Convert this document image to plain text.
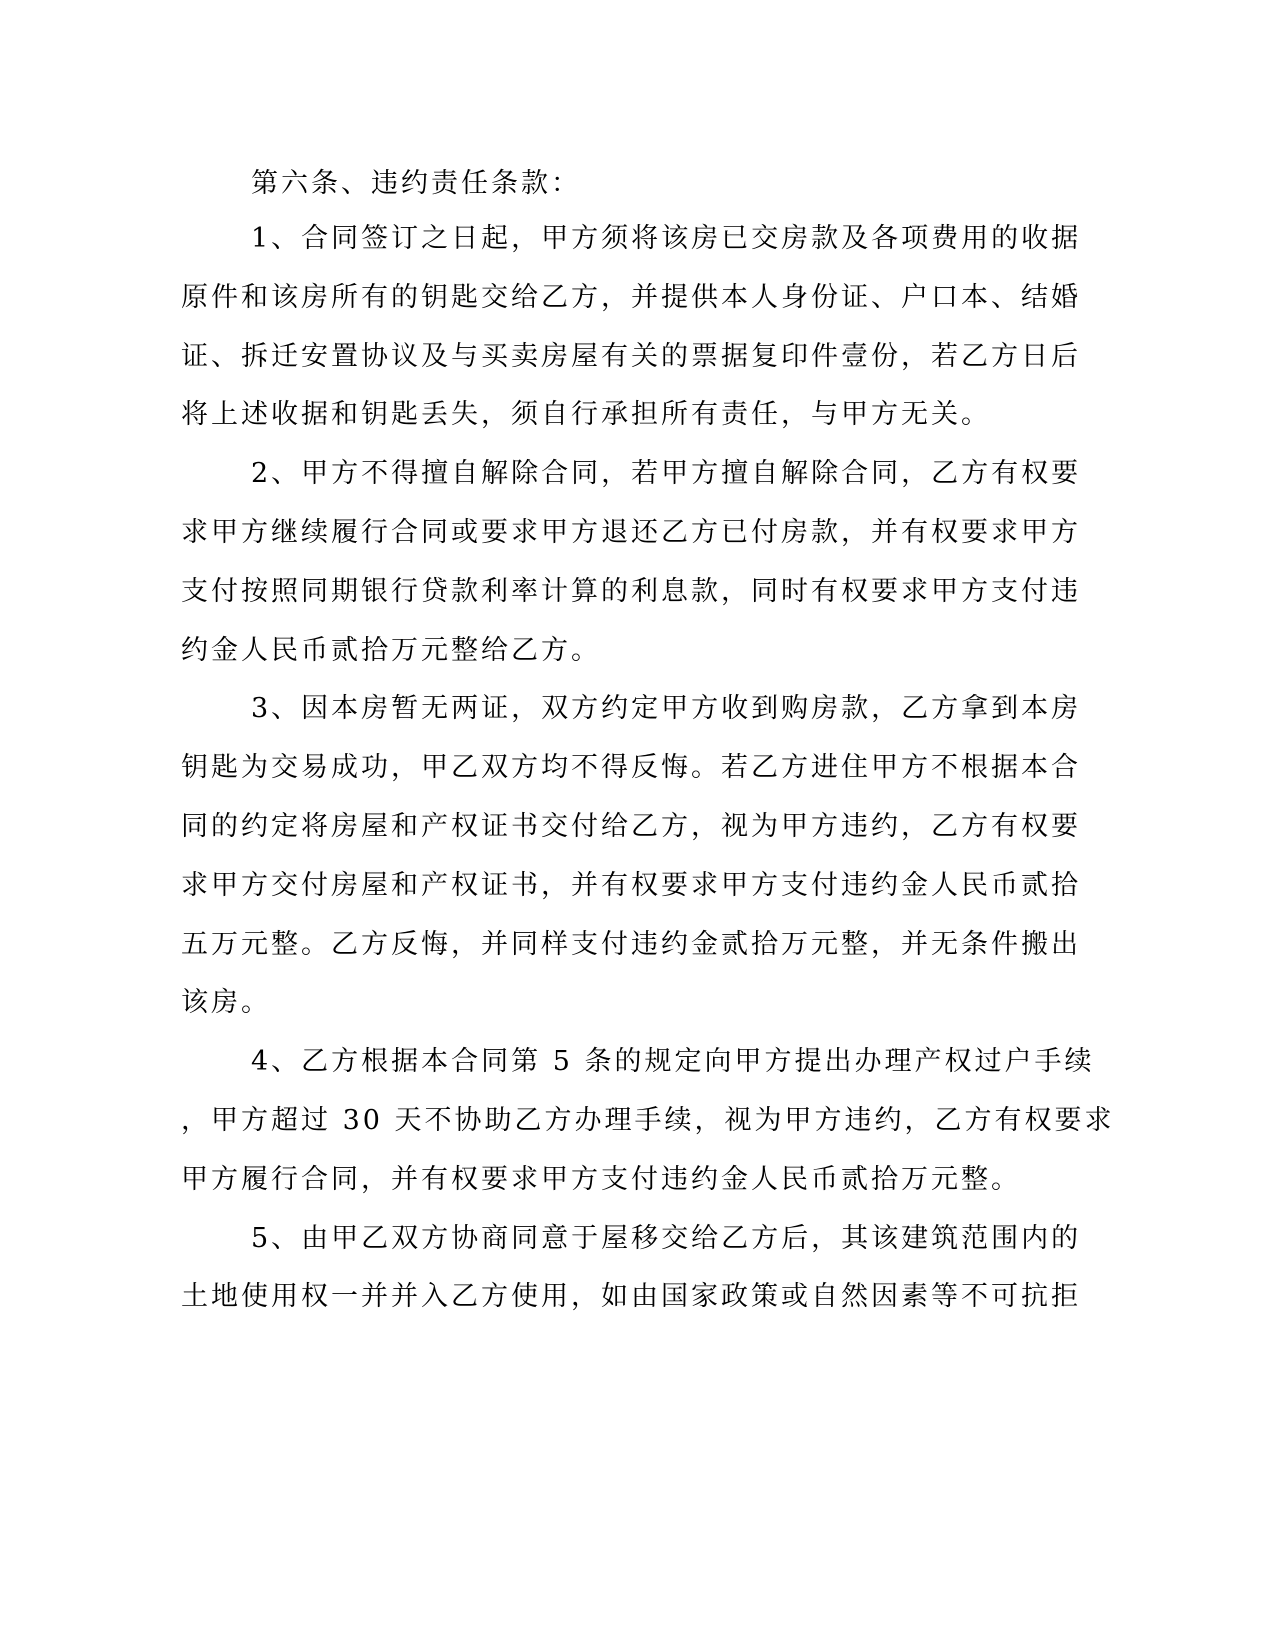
第六条、违约责任条款：
1、合同签订之日起，甲方须将该房已交房款及各项费用的收据
原件和该房所有的钥匙交给乙方，并提供本人身份证、户口本、结婚
证、拆迁安置协议及与买卖房屋有关的票据复印件壹份，若乙方日后
将上述收据和钥匙丢失，须自行承担所有责任，与甲方无关。
2、甲方不得擅自解除合同，若甲方擅自解除合同，乙方有权要
求甲方继续履行合同或要求甲方退还乙方已付房款，并有权要求甲方
支付按照同期银行贷款利率计算的利息款，同时有权要求甲方支付违
约金人民币贰拾万元整给乙方。
3、因本房暂无两证，双方约定甲方收到购房款，乙方拿到本房
钥匙为交易成功，甲乙双方均不得反悔。若乙方进住甲方不根据本合
同的约定将房屋和产权证书交付给乙方，视为甲方违约，乙方有权要
求甲方交付房屋和产权证书，并有权要求甲方支付违约金人民币贰拾
五万元整。乙方反悔，并同样支付违约金贰拾万元整，并无条件搬出
该房。
4、乙方根据本合同第 5 条的规定向甲方提出办理产权过户手续
，甲方超过 30 天不协助乙方办理手续，视为甲方违约，乙方有权要求
甲方履行合同，并有权要求甲方支付违约金人民币贰拾万元整。
5、由甲乙双方协商同意于屋移交给乙方后，其该建筑范围内的
土地使用权一并并入乙方使用，如由国家政策或自然因素等不可抗拒
